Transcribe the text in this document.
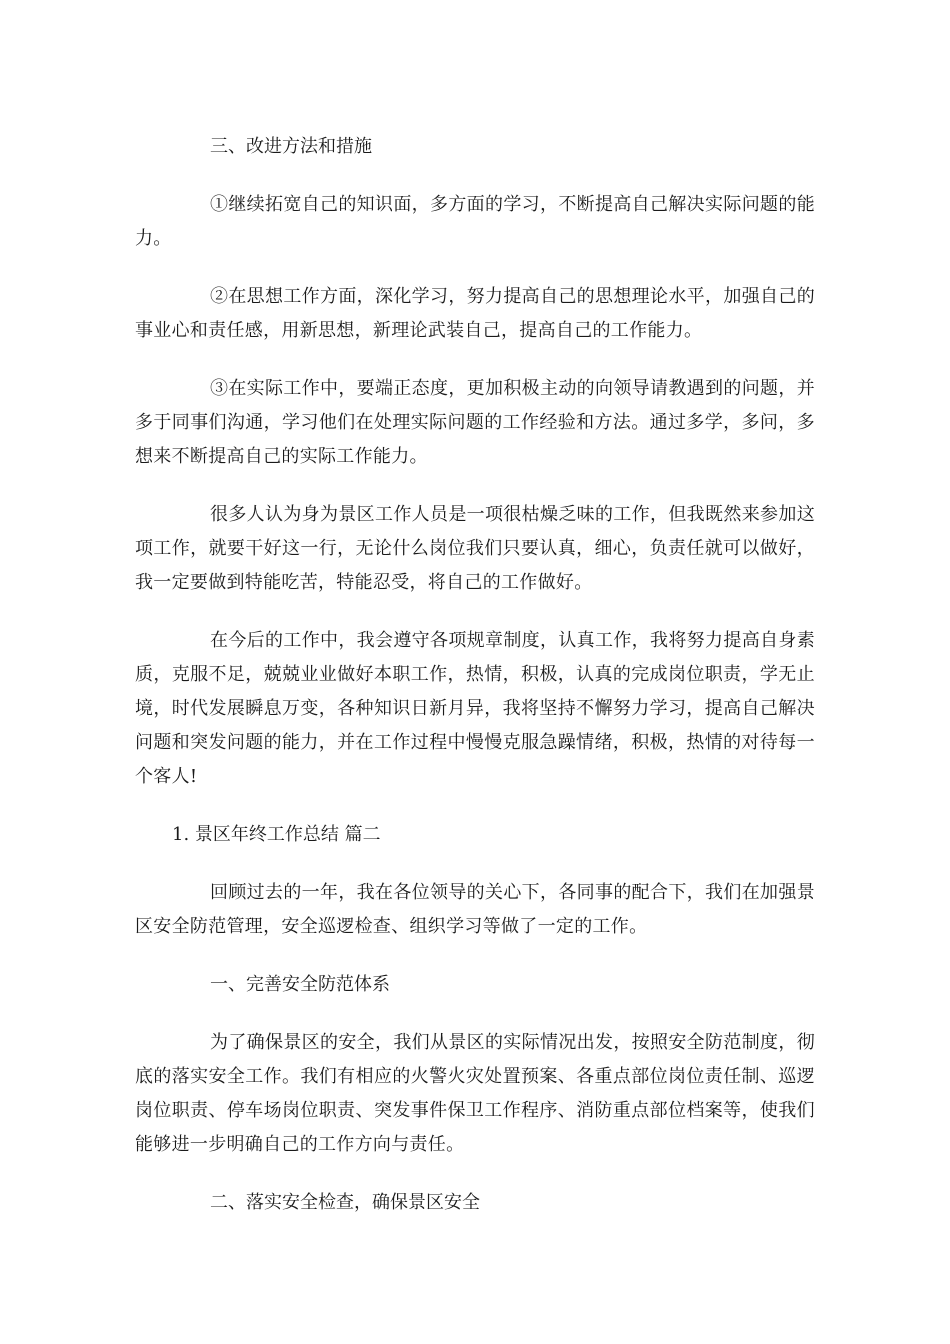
三、改进方法和措施
①继续拓宽自己的知识面，多方面的学习，不断提高自己解决实际问题的能力。
②在思想工作方面，深化学习，努力提高自己的思想理论水平，加强自己的事业心和责任感，用新思想，新理论武装自己，提高自己的工作能力。
③在实际工作中，要端正态度，更加积极主动的向领导请教遇到的问题，并多于同事们沟通，学习他们在处理实际问题的工作经验和方法。通过多学，多问，多想来不断提高自己的实际工作能力。
很多人认为身为景区工作人员是一项很枯燥乏味的工作，但我既然来参加这项工作，就要干好这一行，无论什么岗位我们只要认真，细心，负责任就可以做好，我一定要做到特能吃苦，特能忍受，将自己的工作做好。
在今后的工作中，我会遵守各项规章制度，认真工作，我将努力提高自身素质，克服不足，兢兢业业做好本职工作，热情，积极，认真的完成岗位职责，学无止境，时代发展瞬息万变，各种知识日新月异，我将坚持不懈努力学习，提高自己解决问题和突发问题的能力，并在工作过程中慢慢克服急躁情绪，积极，热情的对待每一个客人!
1. 景区年终工作总结 篇二
回顾过去的一年，我在各位领导的关心下，各同事的配合下，我们在加强景区安全防范管理，安全巡逻检查、组织学习等做了一定的工作。
一、完善安全防范体系
为了确保景区的安全，我们从景区的实际情况出发，按照安全防范制度，彻底的落实安全工作。我们有相应的火警火灾处置预案、各重点部位岗位责任制、巡逻岗位职责、停车场岗位职责、突发事件保卫工作程序、消防重点部位档案等，使我们能够进一步明确自己的工作方向与责任。
二、落实安全检查，确保景区安全
